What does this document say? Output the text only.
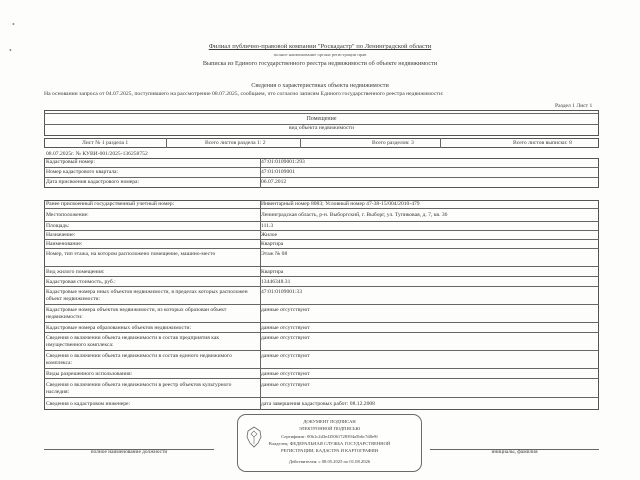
•
•	Филиал публично-правовой компании "Роскадастр" по Ленинградской области
полное наименование органа регистрации прав
Выписка из Единого государственного реестра недвижимости об объекте недвижимости
Сведения о характеристиках объекта недвижимости
На основании запроса от 04.07.2025, поступившего на рассмотрение 08.07.2025, сообщаем, что согласно записям Единого государственного реестра недвижимости:
Раздел 1 Лист 1
Помещение
вид объекта недвижимости
Лист № 1 раздела 1	Всего листов раздела 1: 2	Всего разделов: 3	Всего листов выписки: 8
08.07.2025г. № КУВИ-001/2025-136258752
Кадастровый номер:	47:01:0109001:293
Номер кадастрового квартала:	47:01:0109001
Дата присвоения кадастрового номера:	06.07.2012
Ранее присвоенный государственный учетный номер:	Инвентарный номер 8083; Условный номер 47-38-15/004/2010-479
Местоположение:	Ленинградская область, р-н. Выборгский, г. Выборг, ул. Тупиковая, д. 7, кв. 36
Площадь:	111.3
Назначение:	Жилое
Наименование:	Квартира
Номер, тип этажа, на котором расположено помещение, машино-место	Этаж № 08
Вид жилого помещения:	Квартира
Кадастровая стоимость, руб.:	13446348.31
Кадастровые номера иных объектов недвижимости, в пределах которых расположен объект недвижимости:
47:01:0109001:33
Кадастровые номера объектов недвижимости, из которых образован объект недвижимости:
данные отсутствуют
Кадастровые номера образованных объектов недвижимости:	данные отсутствуют
Сведения о включении объекта недвижимости в состав предприятия как имущественного комплекса:
данные отсутствуют
Сведения о включении объекта недвижимости в состав единого недвижимого комплекса:
данные отсутствуют
Виды разрешенного использования:	данные отсутствуют
Сведения о включении объекта недвижимости в реестр объектов культурного наследия:
данные отсутствуют
Сведения о кадастровом инженере:	дата завершения кадастровых работ: 08.12.2008
полное наименование должности	инициалы, фамилия
ДОКУМЕНТ ПОДПИСАН
ЭЛЕКТРОННОЙ ПОДПИСЬЮ
Сертификат: 00b1c2d3e4f5061728394a5b6c7d8e9f
Владелец: ФЕДЕРАЛЬНАЯ СЛУЖБА ГОСУДАРСТВЕННОЙ
РЕГИСТРАЦИИ, КАДАСТРА И КАРТОГРАФИИ
Действителен: с 08.05.2025 по 01.08.2026
